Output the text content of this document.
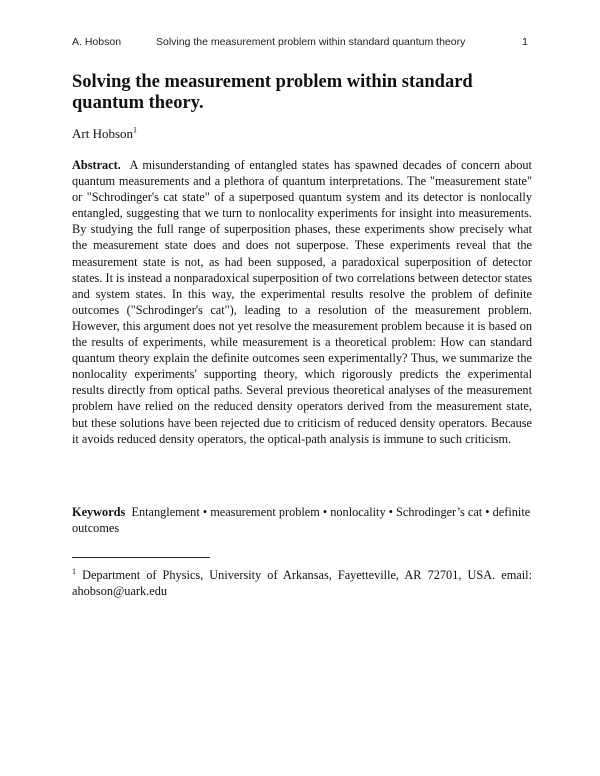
A. Hobson	Solving the measurement problem within standard quantum theory	1
Solving the measurement problem within standard quantum theory.
Art Hobson$^1$

Abstract. A misunderstanding of entangled states has spawned decades of concern about quantum measurements and a plethora of quantum interpretations. The "measurement state" or "Schrodinger's cat state" of a superposed quantum system and its detector is nonlocally entangled, suggesting that we turn to nonlocality experiments for insight into measurements. By studying the full range of superposition phases, these experiments show precisely what the measurement state does and does not superpose. These experiments reveal that the measurement state is not, as had been supposed, a paradoxical superposition of detector states. It is instead a nonparadoxical superposition of two correlations between detector states and system states. In this way, the experimental results resolve the problem of definite outcomes ("Schrodinger's cat"), leading to a resolution of the measurement problem. However, this argument does not yet resolve the measurement problem because it is based on the results of experiments, while measurement is a theoretical problem: How can standard quantum theory explain the definite outcomes seen experimentally? Thus, we summarize the nonlocality experiments' supporting theory, which rigorously predicts the experimental results directly from optical paths. Several previous theoretical analyses of the measurement problem have relied on the reduced density operators derived from the measurement state, but these solutions have been rejected due to criticism of reduced density operators. Because it avoids reduced density operators, the optical-path analysis is immune to such criticism.

Keywords Entanglement • measurement problem • nonlocality • Schrodinger’s cat • definite outcomes

$^1$ Department of Physics, University of Arkansas, Fayetteville, AR 72701, USA. email: ahobson@uark.edu
